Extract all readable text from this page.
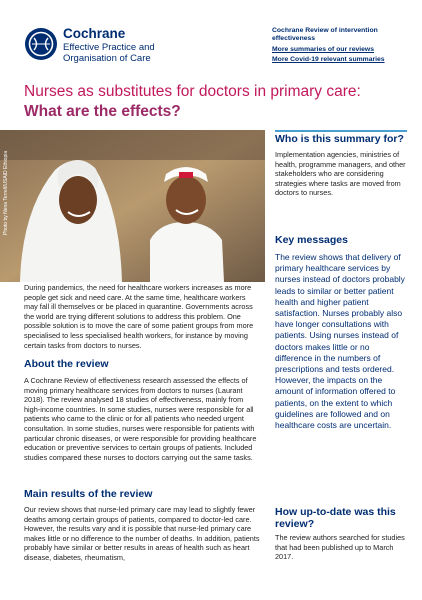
Cochrane
Effective Practice and Organisation of Care
Cochrane Review of intervention effectiveness
More summaries of our reviews
More Covid-19 relevant summaries
Nurses as substitutes for doctors in primary care:
What are the effects?
Photo by Nena Terrell/USAID Ethiopia
During pandemics, the need for healthcare workers increases as more people get sick and need care. At the same time, healthcare workers may fall ill themselves or be placed in quarantine. Governments across the world are trying different solutions to address this problem. One possible solution is to move the care of some patient groups from more specialised to less specialised health workers, for instance by moving certain tasks from doctors to nurses.
About the review
A Cochrane Review of effectiveness research assessed the effects of moving primary healthcare services from doctors to nurses (Laurant 2018). The review analysed 18 studies of effectiveness, mainly from high-income countries. In some studies, nurses were responsible for all patients who came to the clinic or for all patients who needed urgent consultation. In some studies, nurses were responsible for patients with particular chronic diseases, or were responsible for providing healthcare education or preventive services to certain groups of patients. Included studies compared these nurses to doctors carrying out the same tasks.
Main results of the review
Our review shows that nurse-led primary care may lead to slightly fewer deaths among certain groups of patients, compared to doctor-led care. However, the results vary and it is possible that nurse-led primary care makes little or no difference to the number of deaths. In addition, patients probably have similar or better results in areas of health such as heart disease, diabetes, rheumatism,
Who is this summary for?
Implementation agencies, ministries of health, programme managers, and other stakeholders who are considering strategies where tasks are moved from doctors to nurses.
Key messages
The review shows that delivery of primary healthcare services by nurses instead of doctors probably leads to similar or better patient health and higher patient satisfaction. Nurses probably also have longer consultations with patients. Using nurses instead of doctors makes little or no difference in the numbers of prescriptions and tests ordered. However, the impacts on the amount of information offered to patients, on the extent to which guidelines are followed and on healthcare costs are uncertain.
How up-to-date was this review?
The review authors searched for studies that had been published up to March 2017.
